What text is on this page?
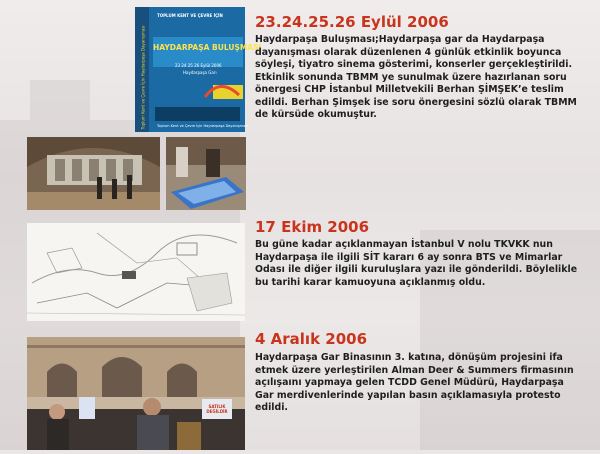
TOPLUM KENT VE ÇEVRE İÇİN
HAYDARPAŞA BULUŞMASI
23 24 25 26 Eylül 2006
Haydarpaşa Garı
Toplum Kent ve Çevre İçin Haydarpaşa Dayanışması	Toplum Kent ve Çevre İçin Haydarpaşa Dayanışması
23.24.25.26 Eylül 2006
Haydarpaşa Buluşması;Haydarpaşa gar da Haydarpaşa dayanışması olarak düzenlenen 4 günlük etkinlik boyunca söyleşi, tiyatro sinema gösterimi, konserler gerçekleştirildi. Etkinlik sonunda TBMM ye sunulmak üzere hazırlanan soru önergesi CHP İstanbul Milletvekili Berhan ŞİMŞEK’e teslim edildi. Berhan Şimşek ise soru önergesini sözlü olarak TBMM de kürsüde okumuştur.
17 Ekim 2006
Bu güne kadar açıklanmayan İstanbul V nolu TKVKK nun Haydarpaşa ile ilgili SİT kararı 6 ay sonra BTS ve Mimarlar Odası ile diğer ilgili kuruluşlara yazı ile gönderildi. Böylelikle bu tarihi karar kamuoyuna açıklanmış oldu.
SATILIK DEĞİLDİR
4 Aralık 2006
Haydarpaşa Gar Binasının 3. katına, dönüşüm projesini ifa etmek üzere yerleştirilen Alman Deer & Summers firmasının açılışaını yapmaya gelen TCDD Genel Müdürü, Haydarpaşa Gar merdivenlerinde yapılan basın açıklamasıyla protesto edildi.
